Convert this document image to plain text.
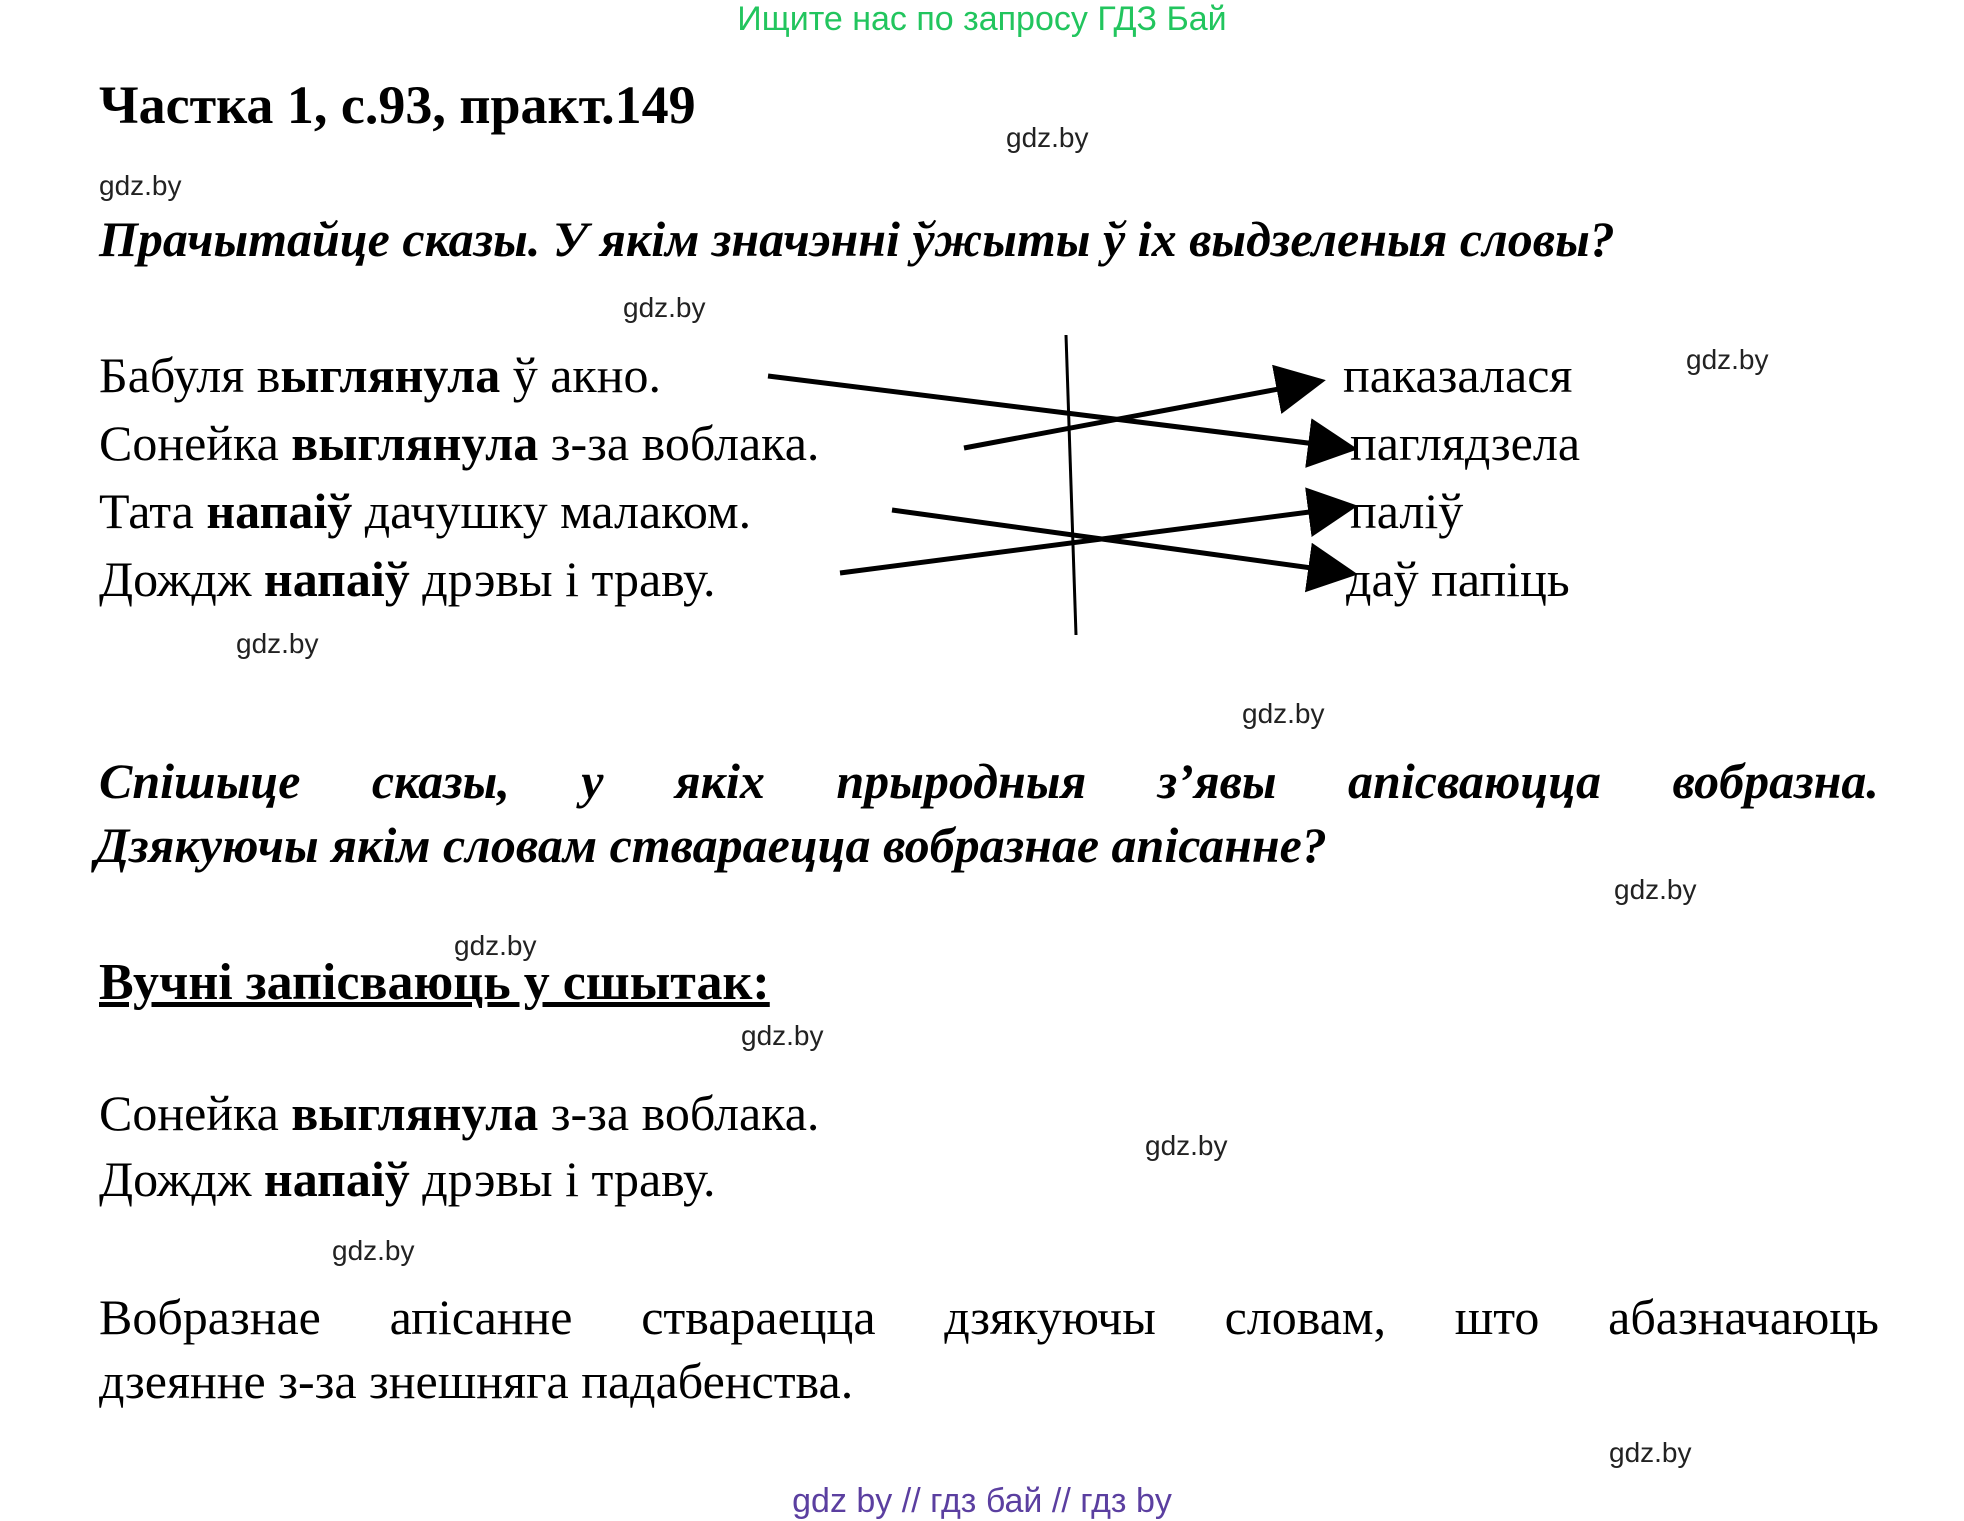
Ищите нас по запросу ГДЗ Бай
Частка 1, с.93, практ.149
Прачытайце сказы. У якім значэнні ўжыты ў іх выдзеленыя словы?
Бабуля выглянула ў акно.
Сонейка выглянула з-за воблака.
Тата напаіў дачушку малаком.
Дождж напаіў дрэвы і траву.
паказалася
паглядзела
паліў
даў папіць
Спішыце сказы, у якіх прыродныя з’явы апісваюцца вобразна.
Дзякуючы якім словам ствараецца вобразнае апісанне?
Вучні запісваюць у сшытак:
Сонейка выглянула з-за воблака.
Дождж напаіў дрэвы і траву.
Вобразнае апісанне ствараецца дзякуючы словам, што абазначаюць
дзеянне з-за знешняга падабенства.
gdz.by
gdz.by
gdz.by
gdz.by
gdz.by
gdz.by
gdz.by
gdz.by
gdz.by
gdz.by
gdz.by
gdz.by
gdz by // гдз бай // гдз by
